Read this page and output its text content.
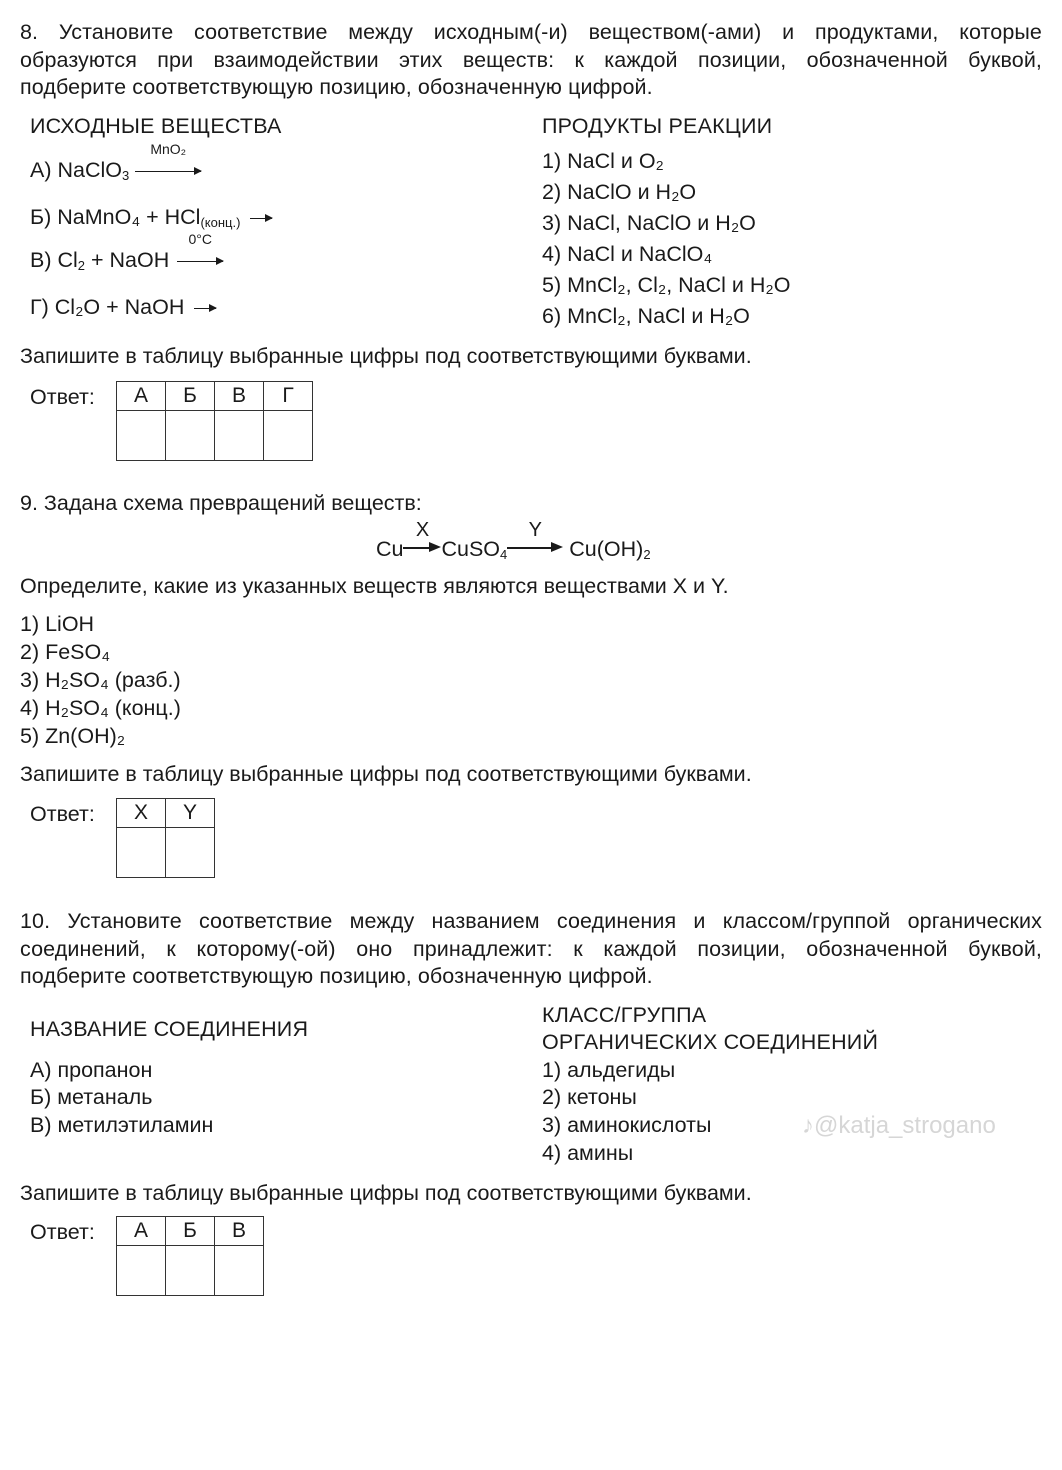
8. Установите соответствие между исходным(-и) веществом(-ами) и продуктами, которые
образуются при взаимодействии этих веществ: к каждой позиции, обозначенной буквой,
подберите соответствующую позицию, обозначенную цифрой.
ИСХОДНЫЕ ВЕЩЕСТВА	ПРОДУКТЫ РЕАКЦИИ
А) NaClO$_3$
MnO₂
Б) NaMnO₄ + HCl$_{(конц.)}$ →
В) $Cl_2$ + NaOH
0°C
Г) Cl₂O + NaOH →
1) NaCl и O₂
2) NaClO и H₂O
3) NaCl, NaClO и H₂O
4) NaCl и NaClO₄
5) MnCl₂, Cl₂, NaCl и H₂O
6) MnCl₂, NaCl и H₂O
Запишите в таблицу выбранные цифры под соответствующими буквами.
Ответ: А	Б	В	Г

9. Задана схема превращений веществ:
Cu
X
CuSO$_4$
Y
$Cu(OH)_2$
Определите, какие из указанных веществ являются веществами X и Y.
1) LiOH
2) FeSO₄
3) H₂SO₄ (разб.)
4) H₂SO₄ (конц.)
5) Zn(OH)₂
Запишите в таблицу выбранные цифры под соответствующими буквами.
Ответ: X	Y

10. Установите соответствие между названием соединения и классом/группой органических
соединений, к которому(-ой) оно принадлежит: к каждой позиции, обозначенной буквой,
подберите соответствующую позицию, обозначенную цифрой.
НАЗВАНИЕ СОЕДИНЕНИЯ
КЛАСС/ГРУППА
ОРГАНИЧЕСКИХ СОЕДИНЕНИЙ
А) пропанон
Б) метаналь
В) метилэтиламин
1) альдегиды
2) кетоны
3) аминокислоты
4) амины
♪@katja_strogano
Запишите в таблицу выбранные цифры под соответствующими буквами.
Ответ: А	Б	В
